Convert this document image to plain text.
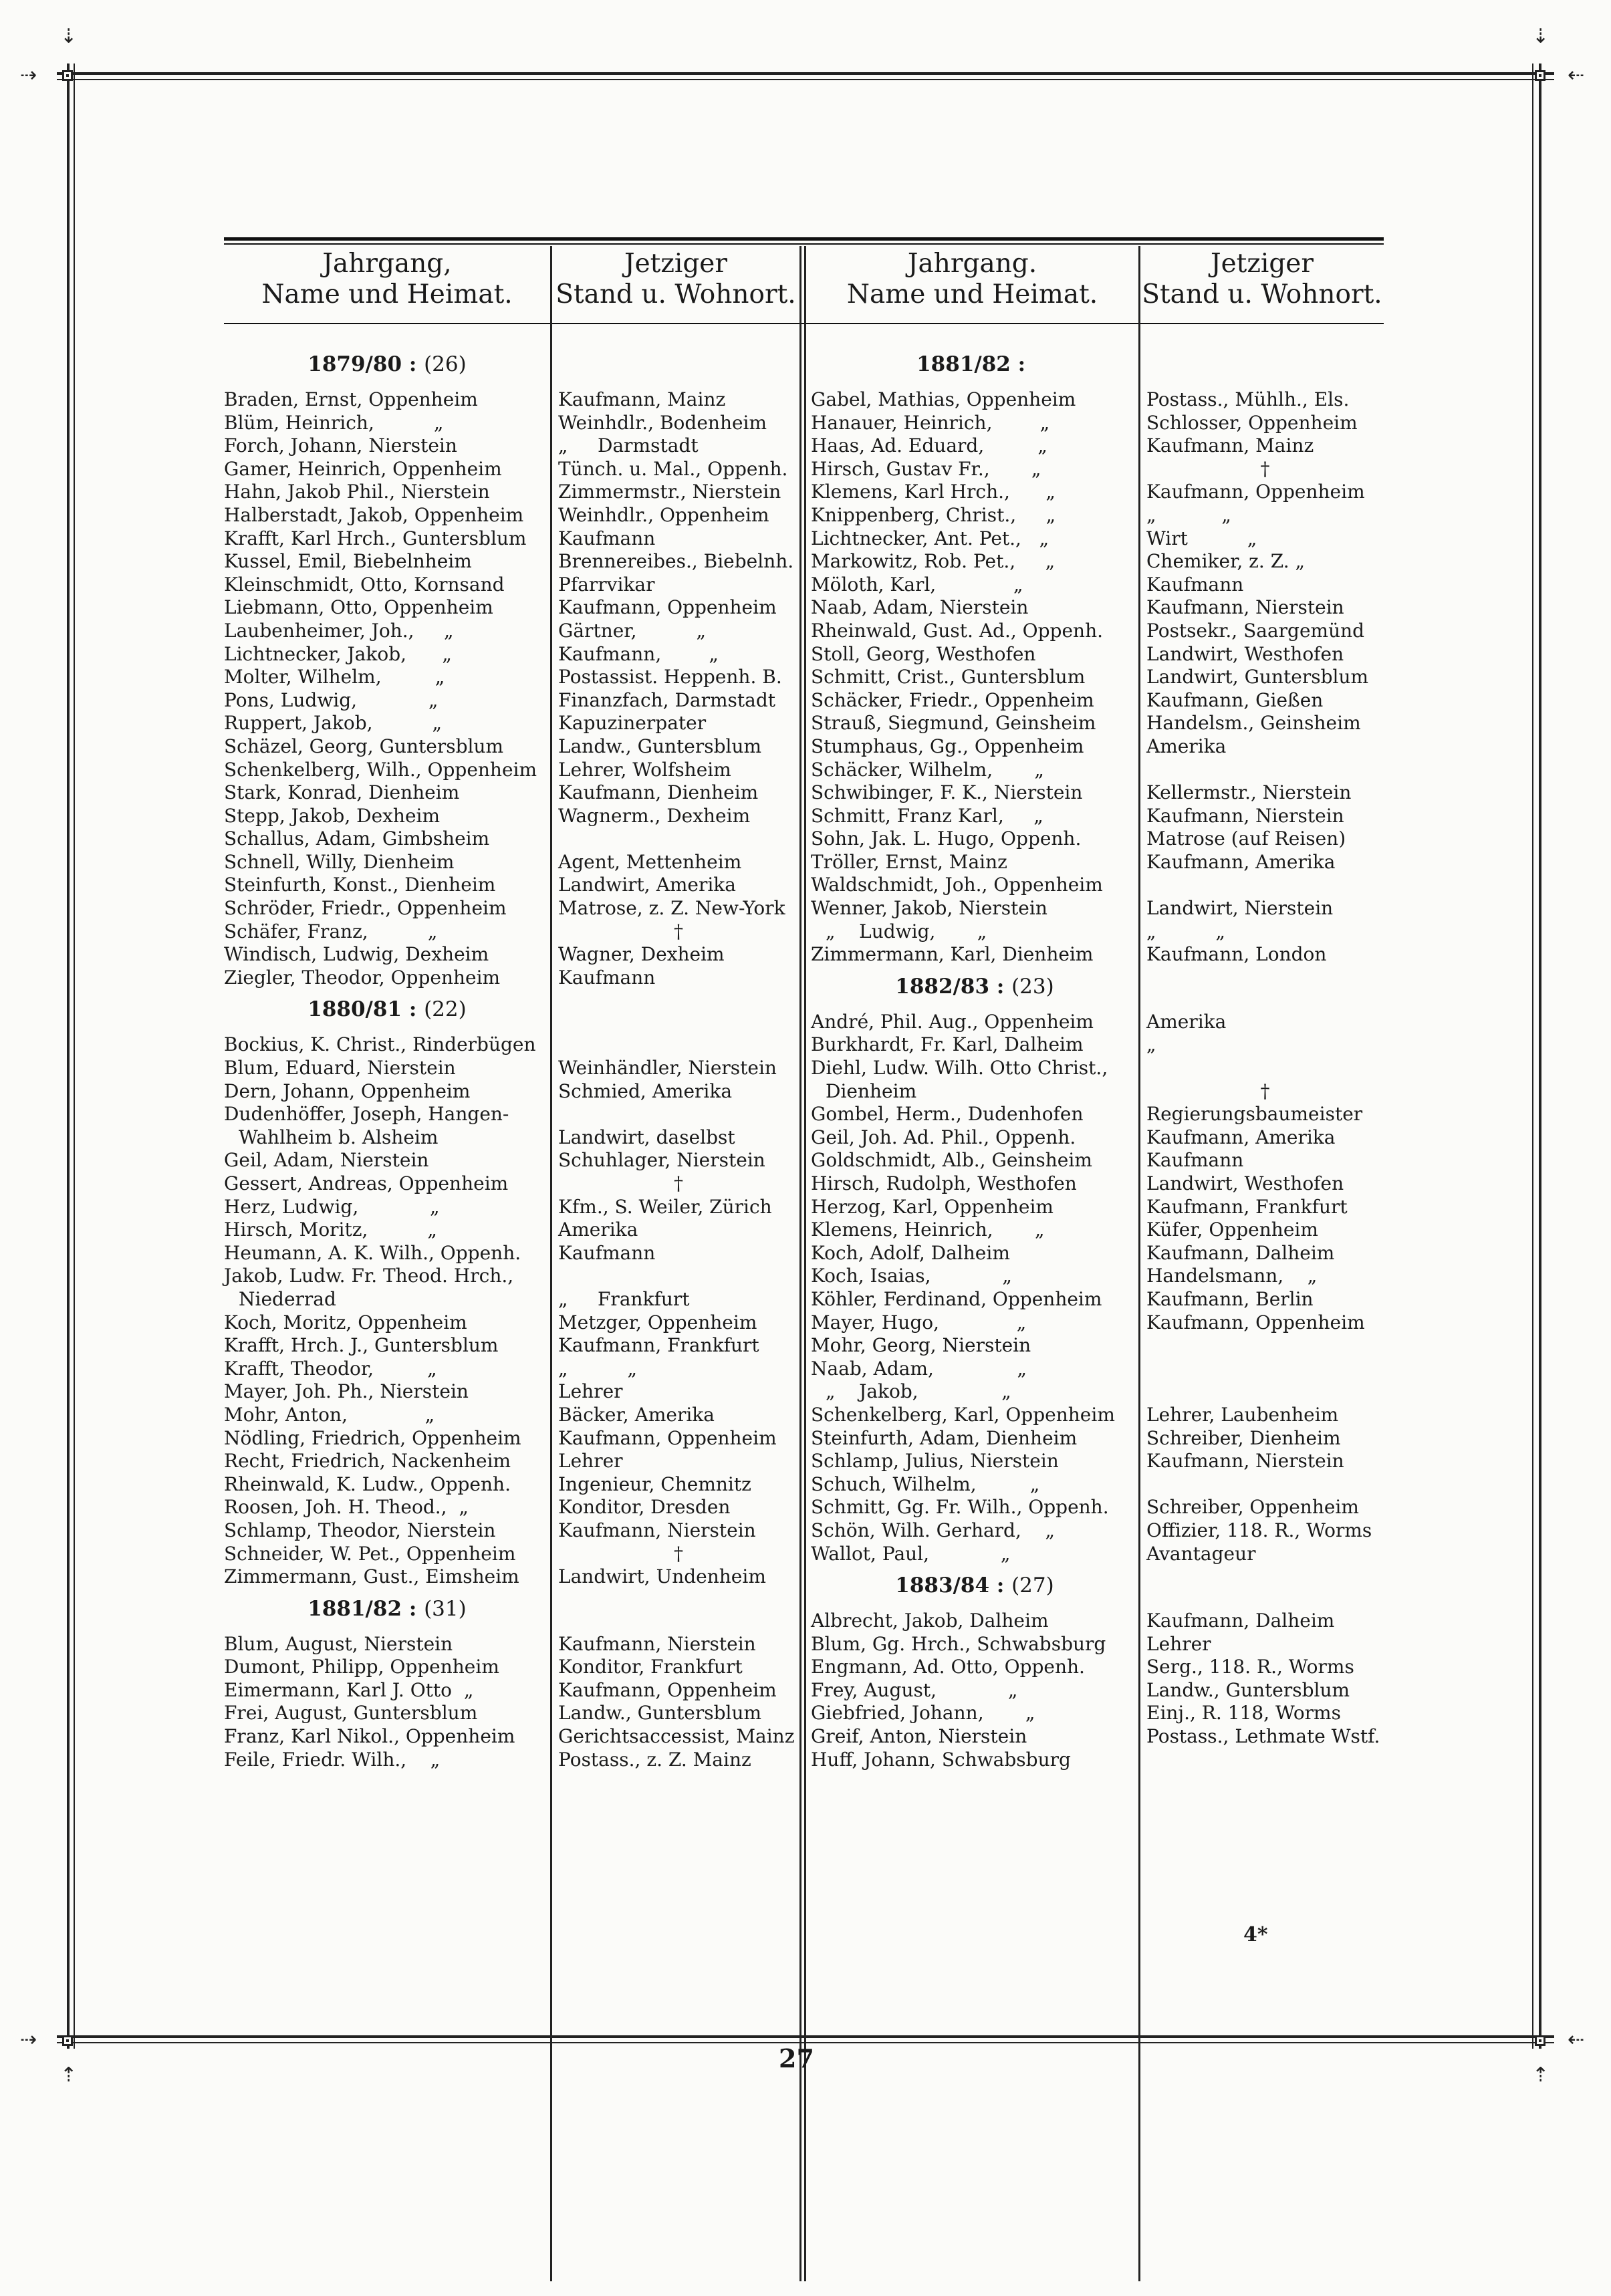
⇢
⇣
⇠
⇣
⇢
⇡
⇠
⇡
Jahrgang,
Name und Heimat.
Jetziger
Stand u. Wohnort.
Jahrgang.
Name und Heimat.
Jetziger
Stand u. Wohnort.
1879/80 : (26)
Braden, Ernst, Oppenheim
Blüm, Heinrich,          „
Forch, Johann, Nierstein
Gamer, Heinrich, Oppenheim
Hahn, Jakob Phil., Nierstein
Halberstadt, Jakob, Oppenheim
Krafft, Karl Hrch., Guntersblum
Kussel, Emil, Biebelnheim
Kleinschmidt, Otto, Kornsand
Liebmann, Otto, Oppenheim
Laubenheimer, Joh.,     „
Lichtnecker, Jakob,      „
Molter, Wilhelm,         „
Pons, Ludwig,            „
Ruppert, Jakob,          „
Schäzel, Georg, Guntersblum
Schenkelberg, Wilh., Oppenheim
Stark, Konrad, Dienheim
Stepp, Jakob, Dexheim
Schallus, Adam, Gimbsheim
Schnell, Willy, Dienheim
Steinfurth, Konst., Dienheim
Schröder, Friedr., Oppenheim
Schäfer, Franz,          „
Windisch, Ludwig, Dexheim
Ziegler, Theodor, Oppenheim
1880/81 : (22)
Bockius, K. Christ., Rinderbügen
Blum, Eduard, Nierstein
Dern, Johann, Oppenheim
Dudenhöffer, Joseph, Hangen-
Wahlheim b. Alsheim
Geil, Adam, Nierstein
Gessert, Andreas, Oppenheim
Herz, Ludwig,            „
Hirsch, Moritz,          „
Heumann, A. K. Wilh., Oppenh.
Jakob, Ludw. Fr. Theod. Hrch.,
Niederrad
Koch, Moritz, Oppenheim
Krafft, Hrch. J., Guntersblum
Krafft, Theodor,         „
Mayer, Joh. Ph., Nierstein
Mohr, Anton,             „
Nödling, Friedrich, Oppenheim
Recht, Friedrich, Nackenheim
Rheinwald, K. Ludw., Oppenh.
Roosen, Joh. H. Theod.,  „
Schlamp, Theodor, Nierstein
Schneider, W. Pet., Oppenheim
Zimmermann, Gust., Eimsheim
1881/82 : (31)
Blum, August, Nierstein
Dumont, Philipp, Oppenheim
Eimermann, Karl J. Otto  „
Frei, August, Guntersblum
Franz, Karl Nikol., Oppenheim
Feile, Friedr. Wilh.,    „
Kaufmann, Mainz
Weinhdlr., Bodenheim
„     Darmstadt
Tünch. u. Mal., Oppenh.
Zimmermstr., Nierstein
Weinhdlr., Oppenheim
Kaufmann
Brennereibes., Biebelnh.
Pfarrvikar
Kaufmann, Oppenheim
Gärtner,          „
Kaufmann,        „
Postassist. Heppenh. B.
Finanzfach, Darmstadt
Kapuzinerpater
Landw., Guntersblum
Lehrer, Wolfsheim
Kaufmann, Dienheim
Wagnerm., Dexheim
Agent, Mettenheim
Landwirt, Amerika
Matrose, z. Z. New-York
†
Wagner, Dexheim
Kaufmann
Weinhändler, Nierstein
Schmied, Amerika
Landwirt, daselbst
Schuhlager, Nierstein
†
Kfm., S. Weiler, Zürich
Amerika
Kaufmann
„     Frankfurt
Metzger, Oppenheim
Kaufmann, Frankfurt
„          „
Lehrer
Bäcker, Amerika
Kaufmann, Oppenheim
Lehrer
Ingenieur, Chemnitz
Konditor, Dresden
Kaufmann, Nierstein
†
Landwirt, Undenheim
Kaufmann, Nierstein
Konditor, Frankfurt
Kaufmann, Oppenheim
Landw., Guntersblum
Gerichtsaccessist, Mainz
Postass., z. Z. Mainz
1881/82 :
Gabel, Mathias, Oppenheim
Hanauer, Heinrich,        „
Haas, Ad. Eduard,         „
Hirsch, Gustav Fr.,       „
Klemens, Karl Hrch.,      „
Knippenberg, Christ.,     „
Lichtnecker, Ant. Pet.,   „
Markowitz, Rob. Pet.,     „
Möloth, Karl,             „
Naab, Adam, Nierstein
Rheinwald, Gust. Ad., Oppenh.
Stoll, Georg, Westhofen
Schmitt, Crist., Guntersblum
Schäcker, Friedr., Oppenheim
Strauß, Siegmund, Geinsheim
Stumphaus, Gg., Oppenheim
Schäcker, Wilhelm,       „
Schwibinger, F. K., Nierstein
Schmitt, Franz Karl,     „
Sohn, Jak. L. Hugo, Oppenh.
Tröller, Ernst, Mainz
Waldschmidt, Joh., Oppenheim
Wenner, Jakob, Nierstein
„    Ludwig,       „
Zimmermann, Karl, Dienheim
1882/83 : (23)
André, Phil. Aug., Oppenheim
Burkhardt, Fr. Karl, Dalheim
Diehl, Ludw. Wilh. Otto Christ.,
Dienheim
Gombel, Herm., Dudenhofen
Geil, Joh. Ad. Phil., Oppenh.
Goldschmidt, Alb., Geinsheim
Hirsch, Rudolph, Westhofen
Herzog, Karl, Oppenheim
Klemens, Heinrich,       „
Koch, Adolf, Dalheim
Koch, Isaias,            „
Köhler, Ferdinand, Oppenheim
Mayer, Hugo,             „
Mohr, Georg, Nierstein
Naab, Adam,              „
„    Jakob,              „
Schenkelberg, Karl, Oppenheim
Steinfurth, Adam, Dienheim
Schlamp, Julius, Nierstein
Schuch, Wilhelm,         „
Schmitt, Gg. Fr. Wilh., Oppenh.
Schön, Wilh. Gerhard,    „
Wallot, Paul,            „
1883/84 : (27)
Albrecht, Jakob, Dalheim
Blum, Gg. Hrch., Schwabsburg
Engmann, Ad. Otto, Oppenh.
Frey, August,            „
Giebfried, Johann,       „
Greif, Anton, Nierstein
Huff, Johann, Schwabsburg
Postass., Mühlh., Els.
Schlosser, Oppenheim
Kaufmann, Mainz
†
Kaufmann, Oppenheim
„           „
Wirt          „
Chemiker, z. Z. „
Kaufmann
Kaufmann, Nierstein
Postsekr., Saargemünd
Landwirt, Westhofen
Landwirt, Guntersblum
Kaufmann, Gießen
Handelsm., Geinsheim
Amerika
Kellermstr., Nierstein
Kaufmann, Nierstein
Matrose (auf Reisen)
Kaufmann, Amerika
Landwirt, Nierstein
„          „
Kaufmann, London
Amerika
„
†
Regierungsbaumeister
Kaufmann, Amerika
Kaufmann
Landwirt, Westhofen
Kaufmann, Frankfurt
Küfer, Oppenheim
Kaufmann, Dalheim
Handelsmann,    „
Kaufmann, Berlin
Kaufmann, Oppenheim
Lehrer, Laubenheim
Schreiber, Dienheim
Kaufmann, Nierstein
Schreiber, Oppenheim
Offizier, 118. R., Worms
Avantageur
Kaufmann, Dalheim
Lehrer
Serg., 118. R., Worms
Landw., Guntersblum
Einj., R. 118, Worms
Postass., Lethmate Wstf.
4*
27
